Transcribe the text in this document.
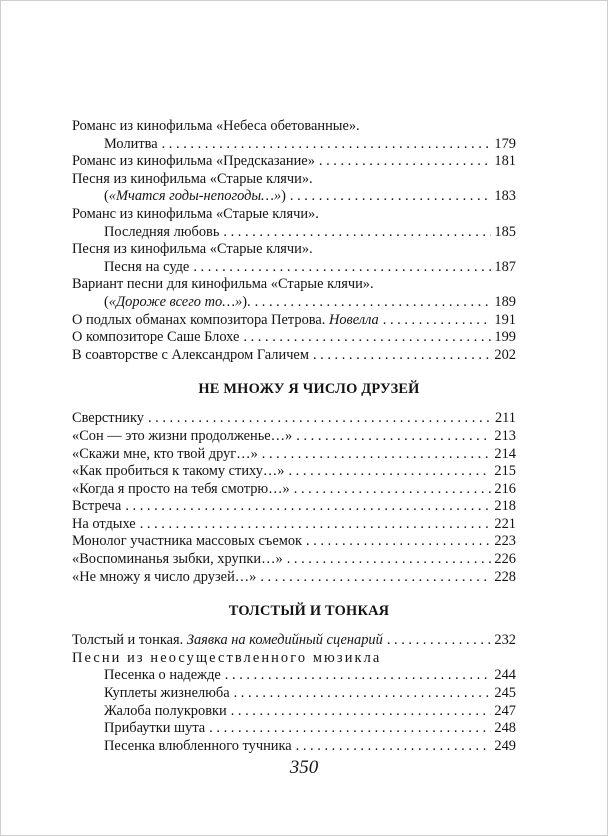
Романс из кинофильма «Небеса обетованные».
Молитва . . .	179
Романс из кинофильма «Предсказание» . . .	181
Песня из кинофильма «Старые клячи».
(«Мчатся годы-непогоды…») . . .	183
Романс из кинофильма «Старые клячи».
Последняя любовь . . .	185
Песня из кинофильма «Старые клячи».
Песня на суде . . .	187
Вариант песни для кинофильма «Старые клячи».
(«Дороже всего то…»). . . .	189
О подлых обманах композитора Петрова. Новелла . . .	191
О композиторе Саше Блохе . . .	199
В соавторстве с Александром Галичем . . .	202
НЕ МНОЖУ Я ЧИСЛО ДРУЗЕЙ
Сверстнику . . .	211
«Сон — это жизни продолженье…» . . .	213
«Скажи мне, кто твой друг…» . . .	214
«Как пробиться к такому стиху…» . . .	215
«Когда я просто на тебя смотрю…» . . .	216
Встреча . . .	218
На отдыхе . . .	221
Монолог участника массовых съемок . . .	223
«Воспоминанья зыбки, хрупки…» . . .	226
«Не множу я число друзей…» . . .	228
ТОЛСТЫЙ И ТОНКАЯ
Толстый и тонкая. Заявка на комедийный сценарий . . .	232
Песни из неосуществленного мюзикла
Песенка о надежде . . .	244
Куплеты жизнелюба . . .	245
Жалоба полукровки . . .	247
Прибаутки шута . . .	248
Песенка влюбленного тучника . . .	249
350
